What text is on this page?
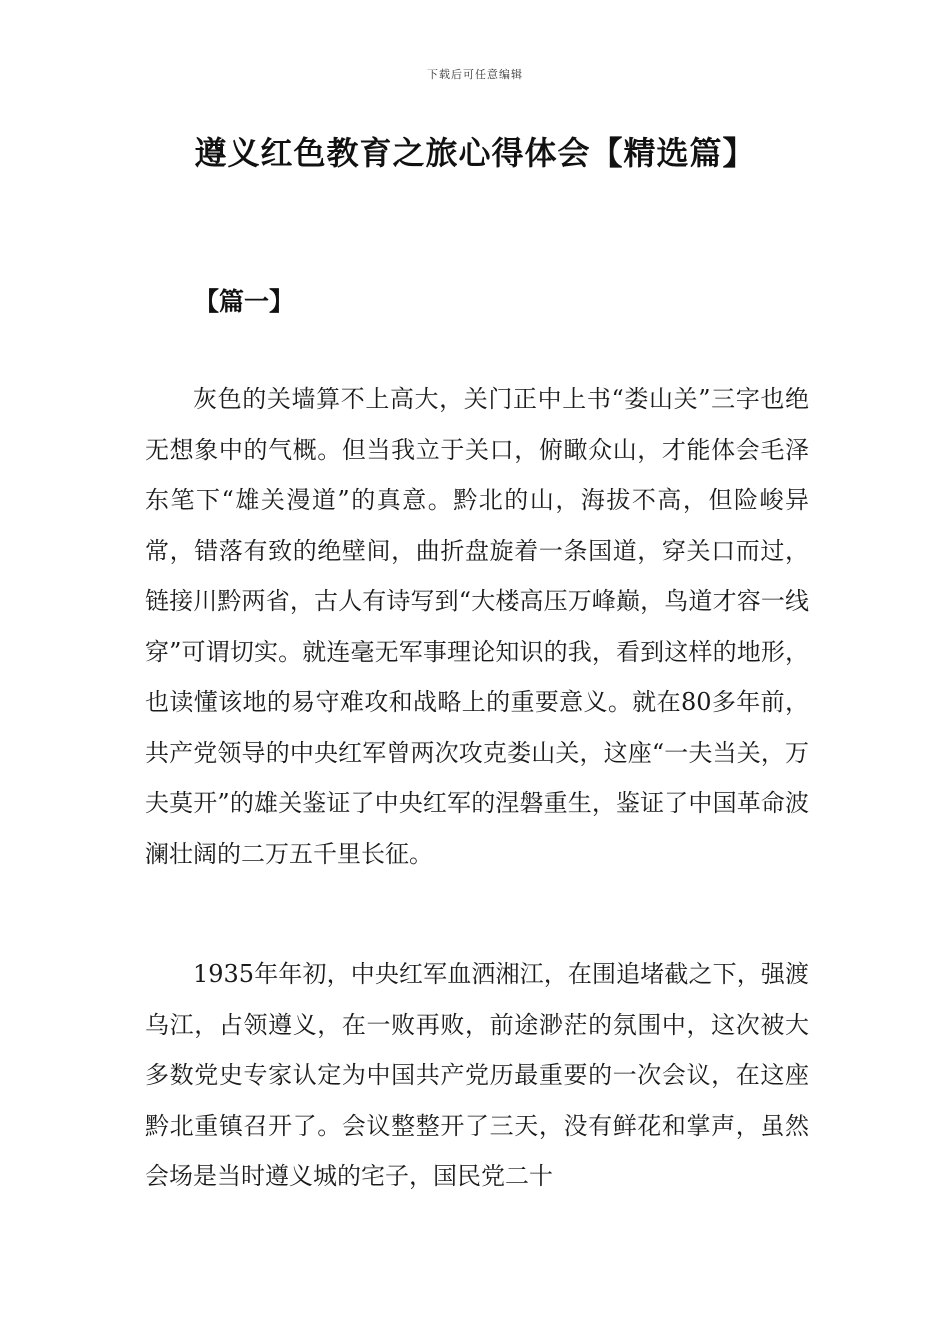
下载后可任意编辑
遵义红色教育之旅心得体会【精选篇】
【篇一】

灰色的关墙算不上高大，关门正中上书“娄山关”三字也绝无想象中的气概。但当我立于关口，俯瞰众山，才能体会毛泽东笔下“雄关漫道”的真意。黔北的山，海拔不高，但险峻异常，错落有致的绝壁间，曲折盘旋着一条国道，穿关口而过，链接川黔两省，古人有诗写到“大楼高压万峰巅，鸟道才容一线穿”可谓切实。就连毫无军事理论知识的我，看到这样的地形，也读懂该地的易守难攻和战略上的重要意义。就在80多年前，共产党领导的中央红军曾两次攻克娄山关，这座“一夫当关，万夫莫开”的雄关鉴证了中央红军的涅磐重生，鉴证了中国革命波澜壮阔的二万五千里长征。

1935年年初，中央红军血洒湘江，在围追堵截之下，强渡乌江，占领遵义，在一败再败，前途渺茫的氛围中，这次被大多数党史专家认定为中国共产党历最重要的一次会议，在这座黔北重镇召开了。会议整整开了三天，没有鲜花和掌声，虽然会场是当时遵义城的宅子，国民党二十
